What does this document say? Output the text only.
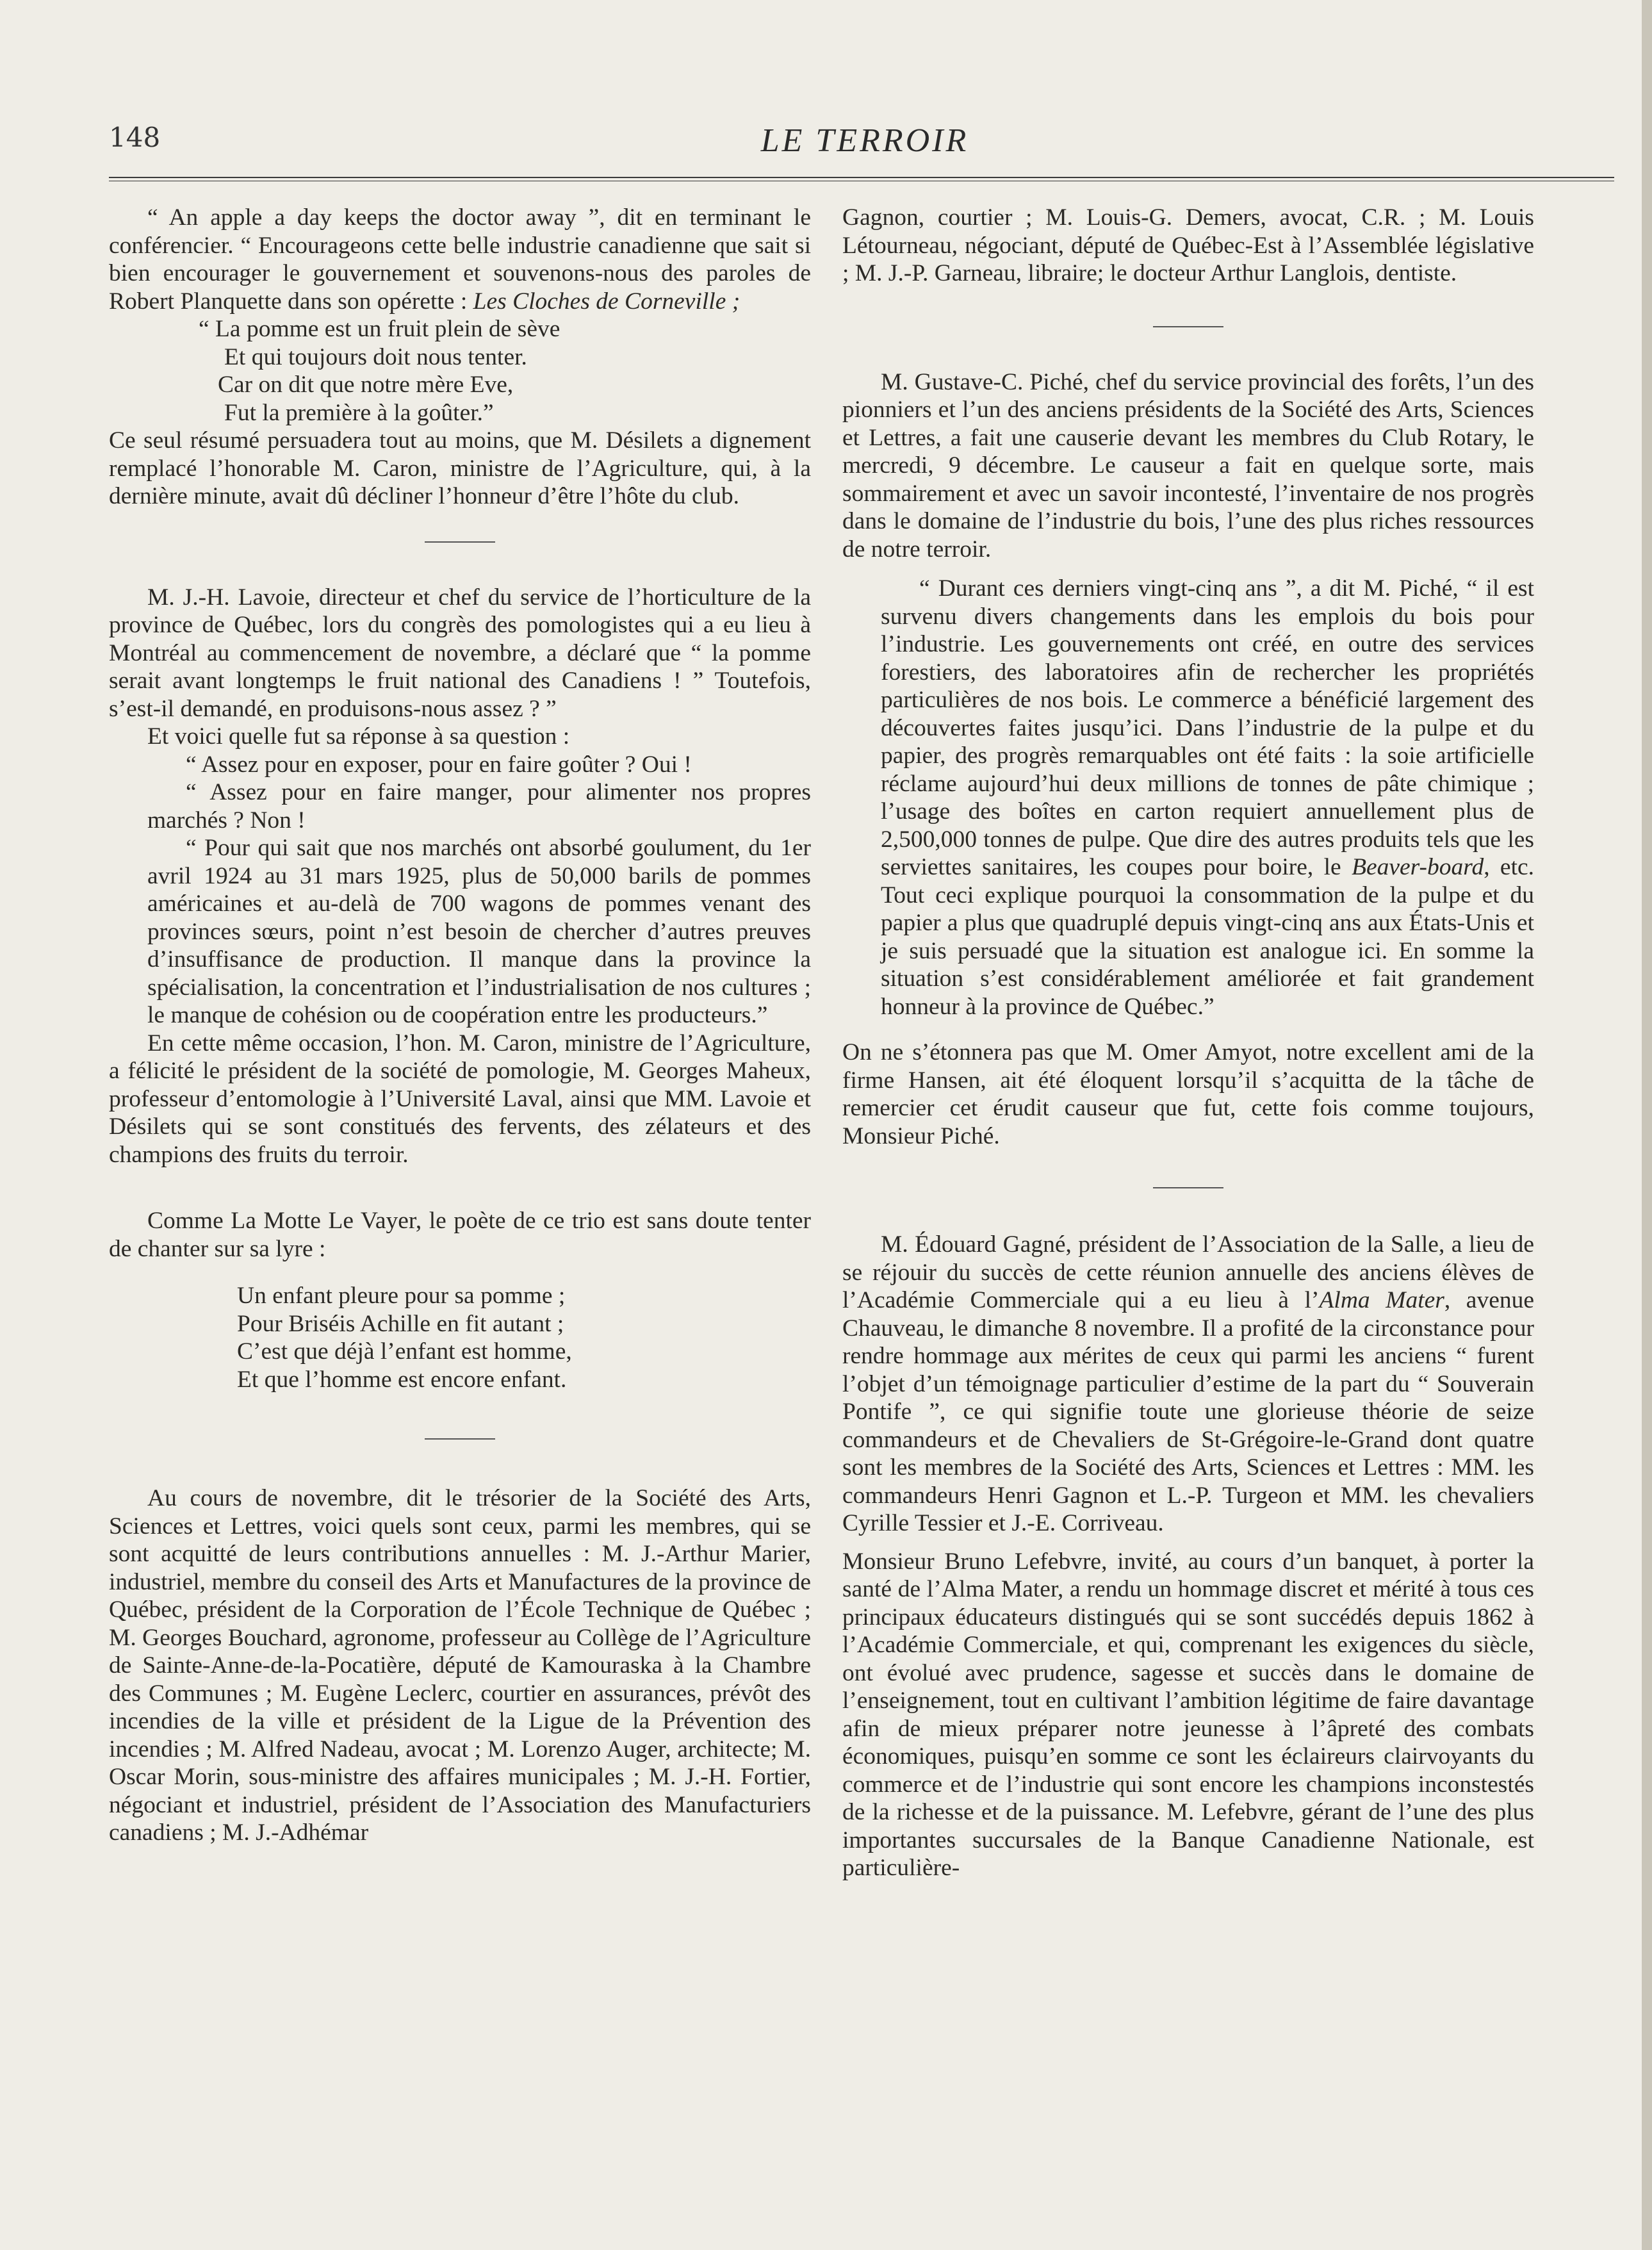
148	LE TERROIR

“ An apple a day keeps the doctor away ”, dit en terminant le conférencier. “ Encourageons cette belle industrie canadienne que sait si bien encourager le gouvernement et souvenons-nous des paroles de Robert Planquette dans son opérette : Les Cloches de Corneville ;

“ La pomme est un fruit plein de sève

Et qui toujours doit nous tenter.

Car on dit que notre mère Eve,

Fut la première à la goûter.”

Ce seul résumé persuadera tout au moins, que M. Désilets a dignement remplacé l’honorable M. Caron, ministre de l’Agriculture, qui, à la dernière minute, avait dû décliner l’honneur d’être l’hôte du club.

M. J.-H. Lavoie, directeur et chef du service de l’horticulture de la province de Québec, lors du congrès des pomologistes qui a eu lieu à Montréal au commencement de novembre, a déclaré que “ la pomme serait avant longtemps le fruit national des Canadiens ! ” Toutefois, s’est-il demandé, en produisons-nous assez ? ”

Et voici quelle fut sa réponse à sa question :

“ Assez pour en exposer, pour en faire goûter ? Oui !

“ Assez pour en faire manger, pour alimenter nos propres marchés ? Non !

“ Pour qui sait que nos marchés ont absorbé goulument, du 1er avril 1924 au 31 mars 1925, plus de 50,000 barils de pommes américaines et au-delà de 700 wagons de pommes venant des provinces sœurs, point n’est besoin de chercher d’autres preuves d’insuffisance de production. Il manque dans la province la spécialisation, la concentration et l’industrialisation de nos cultures ; le manque de cohésion ou de coopération entre les producteurs.”

En cette même occasion, l’hon. M. Caron, ministre de l’Agriculture, a félicité le président de la société de pomologie, M. Georges Maheux, professeur d’entomologie à l’Université Laval, ainsi que MM. Lavoie et Désilets qui se sont constitués des fervents, des zélateurs et des champions des fruits du terroir.

Comme La Motte Le Vayer, le poète de ce trio est sans doute tenter de chanter sur sa lyre :

Un enfant pleure pour sa pomme ;

Pour Briséis Achille en fit autant ;

C’est que déjà l’enfant est homme,

Et que l’homme est encore enfant.

Au cours de novembre, dit le trésorier de la Société des Arts, Sciences et Lettres, voici quels sont ceux, parmi les membres, qui se sont acquitté de leurs contributions annuelles : M. J.-Arthur Marier, industriel, membre du conseil des Arts et Manufactures de la province de Québec, président de la Corporation de l’École Technique de Québec ; M. Georges Bouchard, agronome, professeur au Collège de l’Agriculture de Sainte-Anne-de-la-Pocatière, député de Kamouraska à la Chambre des Communes ; M. Eugène Leclerc, courtier en assurances, prévôt des incendies de la ville et président de la Ligue de la Prévention des incendies ; M. Alfred Nadeau, avocat ; M. Lorenzo Auger, architecte; M. Oscar Morin, sous-ministre des affaires municipales ; M. J.-H. Fortier, négociant et industriel, président de l’Association des Manufacturiers canadiens ; M. J.-Adhémar

Gagnon, courtier ; M. Louis-G. Demers, avocat, C.R. ; M. Louis Létourneau, négociant, député de Québec-Est à l’Assemblée législative ; M. J.-P. Garneau, libraire; le docteur Arthur Langlois, dentiste.

M. Gustave-C. Piché, chef du service provincial des forêts, l’un des pionniers et l’un des anciens présidents de la Société des Arts, Sciences et Lettres, a fait une causerie devant les membres du Club Rotary, le mercredi, 9 décembre. Le causeur a fait en quelque sorte, mais sommairement et avec un savoir incontesté, l’inventaire de nos progrès dans le domaine de l’industrie du bois, l’une des plus riches ressources de notre terroir.

“ Durant ces derniers vingt-cinq ans ”, a dit M. Piché, “ il est survenu divers changements dans les emplois du bois pour l’industrie. Les gouvernements ont créé, en outre des services forestiers, des laboratoires afin de rechercher les propriétés particulières de nos bois. Le commerce a bénéficié largement des découvertes faites jusqu’ici. Dans l’industrie de la pulpe et du papier, des progrès remarquables ont été faits : la soie artificielle réclame aujourd’hui deux millions de tonnes de pâte chimique ; l’usage des boîtes en carton requiert annuellement plus de 2,500,000 tonnes de pulpe. Que dire des autres produits tels que les serviettes sanitaires, les coupes pour boire, le Beaver-board, etc. Tout ceci explique pourquoi la consommation de la pulpe et du papier a plus que quadruplé depuis vingt-cinq ans aux États-Unis et je suis persuadé que la situation est analogue ici. En somme la situation s’est considérablement améliorée et fait grandement honneur à la province de Québec.”

On ne s’étonnera pas que M. Omer Amyot, notre excellent ami de la firme Hansen, ait été éloquent lorsqu’il s’acquitta de la tâche de remercier cet érudit causeur que fut, cette fois comme toujours, Monsieur Piché.

M. Édouard Gagné, président de l’Association de la Salle, a lieu de se réjouir du succès de cette réunion annuelle des anciens élèves de l’Académie Commerciale qui a eu lieu à l’Alma Mater, avenue Chauveau, le dimanche 8 novembre. Il a profité de la circonstance pour rendre hommage aux mérites de ceux qui parmi les anciens “ furent l’objet d’un témoignage particulier d’estime de la part du “ Souverain Pontife ”, ce qui signifie toute une glorieuse théorie de seize commandeurs et de Chevaliers de St-Grégoire-le-Grand dont quatre sont les membres de la Société des Arts, Sciences et Lettres : MM. les commandeurs Henri Gagnon et L.-P. Turgeon et MM. les chevaliers Cyrille Tessier et J.-E. Corriveau.

Monsieur Bruno Lefebvre, invité, au cours d’un banquet, à porter la santé de l’Alma Mater, a rendu un hommage discret et mérité à tous ces principaux éducateurs distingués qui se sont succédés depuis 1862 à l’Académie Commerciale, et qui, comprenant les exigences du siècle, ont évolué avec prudence, sagesse et succès dans le domaine de l’enseignement, tout en cultivant l’ambition légitime de faire davantage afin de mieux préparer notre jeunesse à l’âpreté des combats économiques, puisqu’en somme ce sont les éclaireurs clairvoyants du commerce et de l’industrie qui sont encore les champions inconstestés de la richesse et de la puissance. M. Lefebvre, gérant de l’une des plus importantes succursales de la Banque Canadienne Nationale, est particulière-
